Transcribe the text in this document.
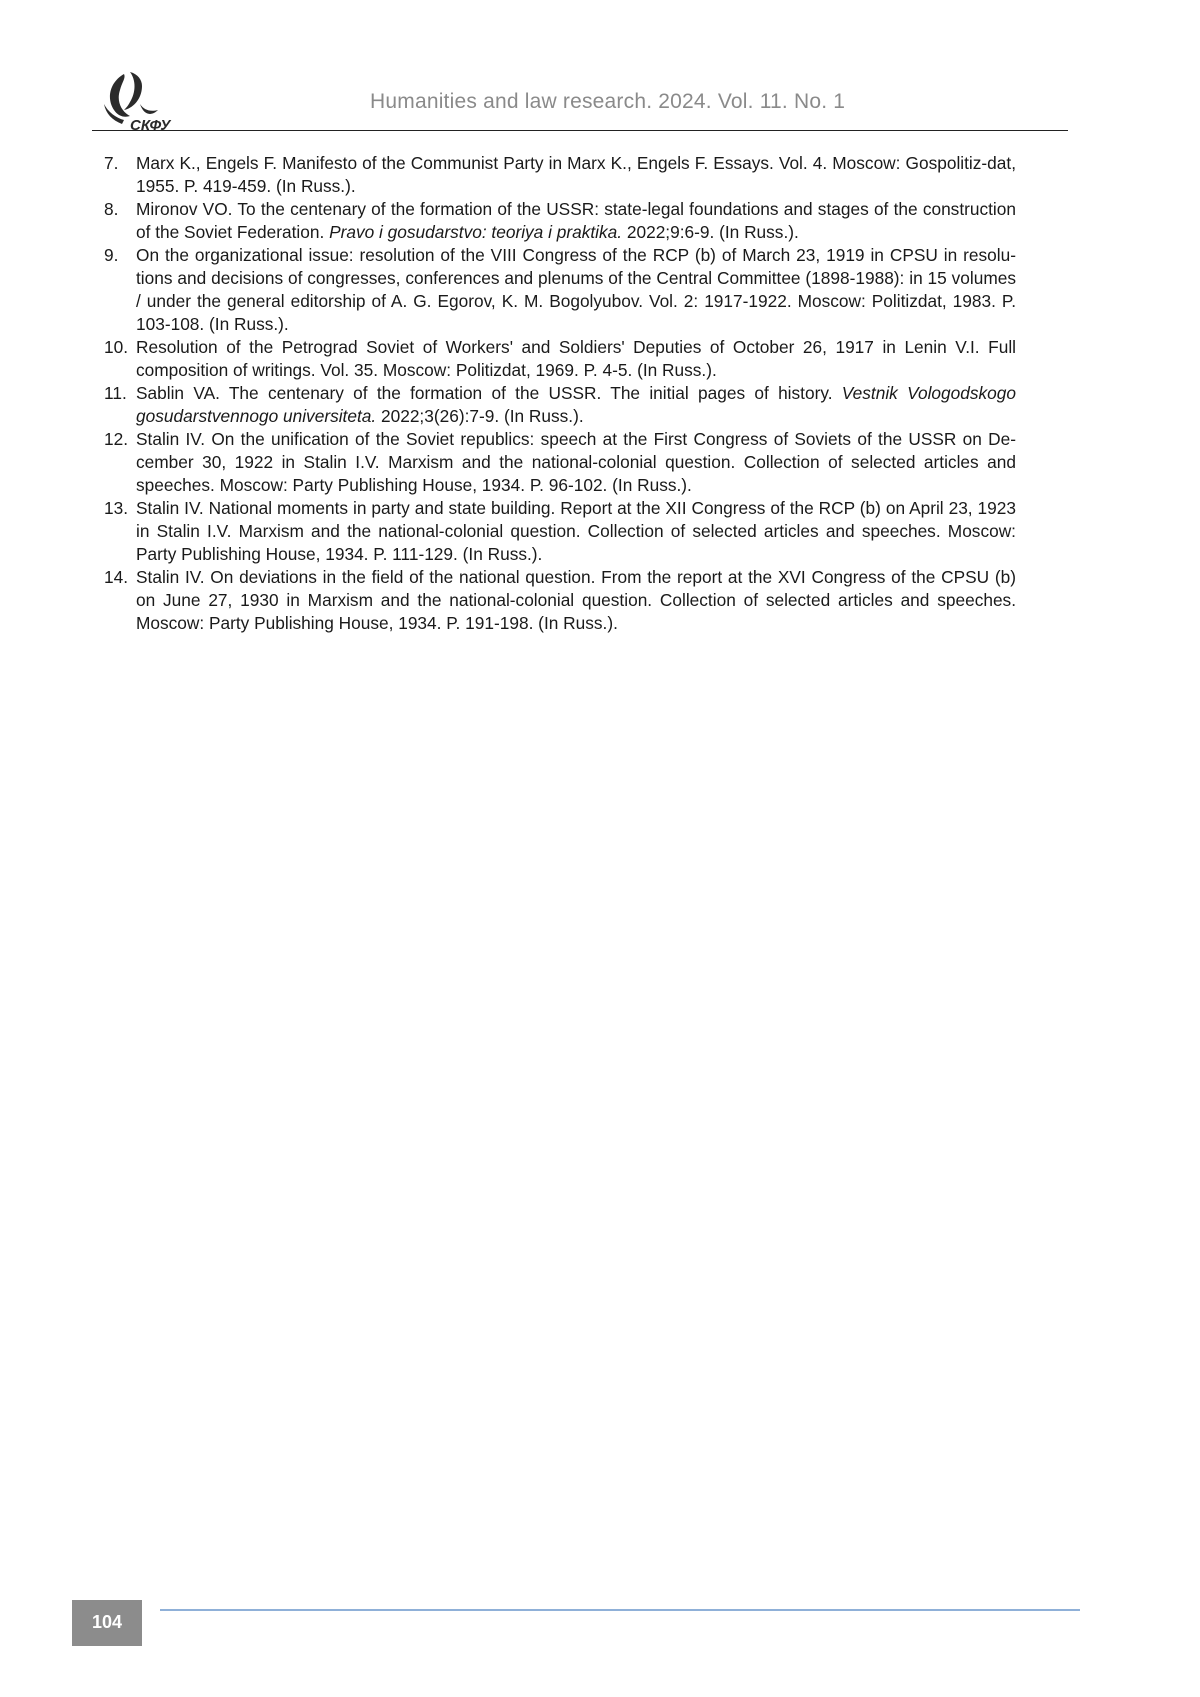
СКФУ
Humanities and law research. 2024. Vol. 11. No. 1
7.	Marx K., Engels F. Manifesto of the Communist Party in Marx K., Engels F. Essays. Vol. 4. Moscow: Gospolitiz-dat, 1955. P. 419-459. (In Russ.).
8.	Mironov VO. To the centenary of the formation of the USSR: state-legal foundations and stages of the construction of the Soviet Federation. Pravo i gosudarstvo: teoriya i praktika. 2022;9:6-9. (In Russ.).
9.	On the organizational issue: resolution of the VIII Congress of the RCP (b) of March 23, 1919 in CPSU in resolutions and decisions of congresses, conferences and plenums of the Central Committee (1898-1988): in 15 volumes / under the general editorship of A. G. Egorov, K. M. Bogolyubov. Vol. 2: 1917-1922. Moscow: Politizdat, 1983. P. 103-108. (In Russ.).
10. Resolution of the Petrograd Soviet of Workers' and Soldiers' Deputies of October 26, 1917 in Lenin V.I. Full composition of writings. Vol. 35. Moscow: Politizdat, 1969. P. 4-5. (In Russ.).
11. Sablin VA. The centenary of the formation of the USSR. The initial pages of history. Vestnik Vologodskogo gosudarstvennogo universiteta. 2022;3(26):7-9. (In Russ.).
12. Stalin IV. On the unification of the Soviet republics: speech at the First Congress of Soviets of the USSR on December 30, 1922 in Stalin I.V. Marxism and the national-colonial question. Collection of selected articles and speeches. Moscow: Party Publishing House, 1934. P. 96-102. (In Russ.).
13. Stalin IV. National moments in party and state building. Report at the XII Congress of the RCP (b) on April 23, 1923 in Stalin I.V. Marxism and the national-colonial question. Collection of selected articles and speeches. Moscow: Party Publishing House, 1934. P. 111-129. (In Russ.).
14. Stalin IV. On deviations in the field of the national question. From the report at the XVI Congress of the CPSU (b) on June 27, 1930 in Marxism and the national-colonial question. Collection of selected articles and speeches. Moscow: Party Publishing House, 1934. P. 191-198. (In Russ.).
104
